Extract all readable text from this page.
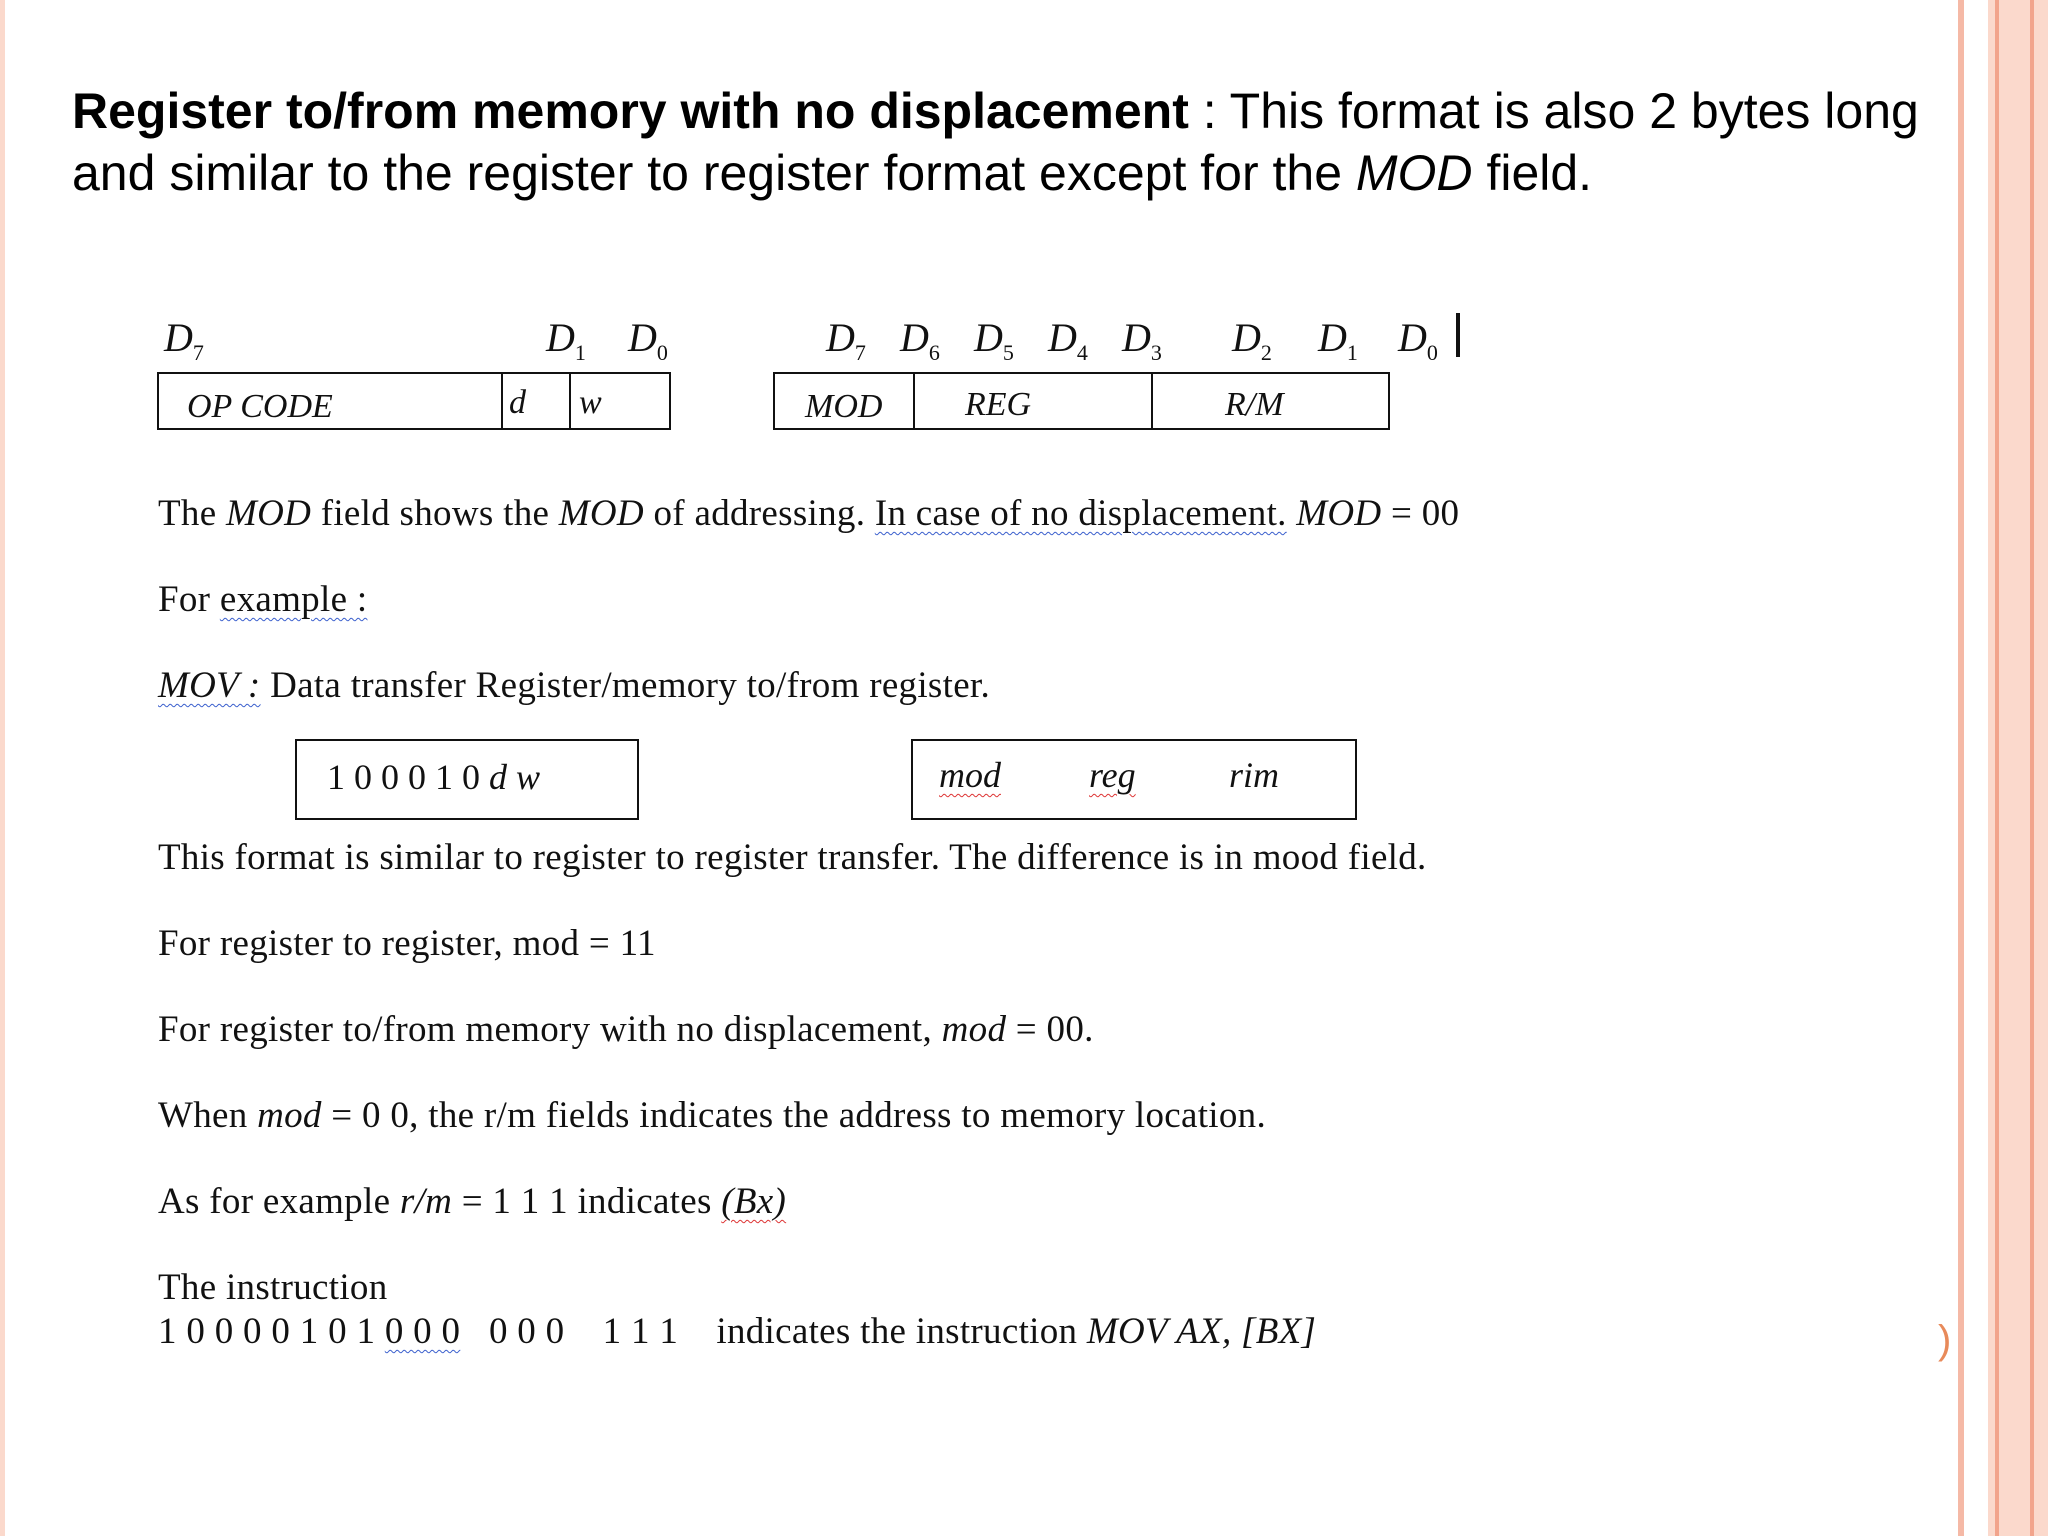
Register to/from memory with no displacement : This format is also 2 bytes long and similar to the register to register format except for the MOD field.
$D_7$	$D_1$ $D_0$	$D_7$ $D_6$ $D_5$ $D_4$ $D_3$ $D_2$ $D_1$ $D_0$
OP CODE	d w	MOD REG	R/M
The MOD field shows the MOD of addressing. In case of no displacement. MOD = 00
For example :
MOV : Data transfer Register/memory to/from register.
1 0 0 0 1 0 d w	mod reg	rim
This format is similar to register to register transfer. The difference is in mood field.
For register to register, mod = 11
For register to/from memory with no displacement, mod = 00.
When mod = 0 0, the r/m fields indicates the address to memory location.
As for example r/m = 1 1 1 indicates (Bx)
The instruction
1 0 0 0 0 1 0 1 0 0 0   0 0 0    1 1 1    indicates the instruction MOV AX, [BX]	)
